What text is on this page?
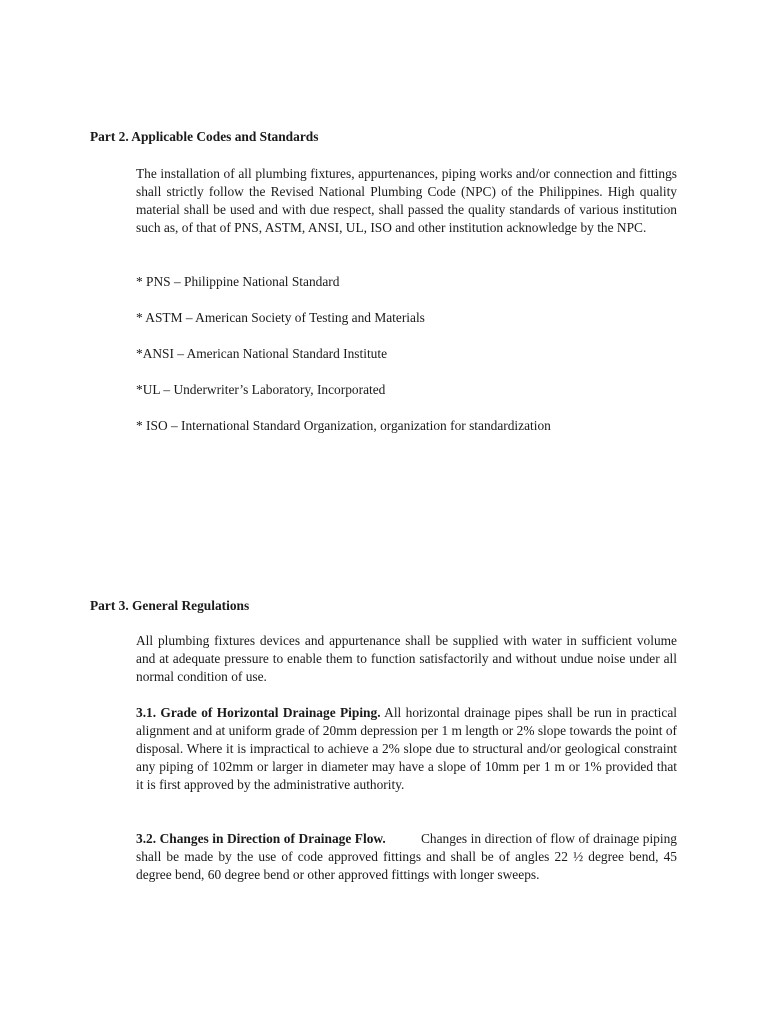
Part 2. Applicable Codes and Standards

The installation of all plumbing fixtures, appurtenances, piping works and/or connection and fittings shall strictly follow the Revised National Plumbing Code (NPC) of the Philippines. High quality material shall be used and with due respect, shall passed the quality standards of various institution such as, of that of PNS, ASTM, ANSI, UL, ISO and other institution acknowledge by the NPC.

* PNS – Philippine National Standard

* ASTM – American Society of Testing and Materials

*ANSI – American National Standard Institute

*UL – Underwriter’s Laboratory, Incorporated

* ISO – International Standard Organization, organization for standardization

Part 3. General Regulations

All plumbing fixtures devices and appurtenance shall be supplied with water in sufficient volume and at adequate pressure to enable them to function satisfactorily and without undue noise under all normal condition of use.

3.1. Grade of Horizontal Drainage Piping. All horizontal drainage pipes shall be run in practical alignment and at uniform grade of 20mm depression per 1 m length or 2% slope towards the point of disposal. Where it is impractical to achieve a 2% slope due to structural and/or geological constraint any piping of 102mm or larger in diameter may have a slope of 10mm per 1 m or 1% provided that it is first approved by the administrative authority.

3.2. Changes in Direction of Drainage Flow.          Changes in direction of flow of drainage piping shall be made by the use of code approved fittings and shall be of angles 22 ½ degree bend, 45 degree bend, 60 degree bend or other approved fittings with longer sweeps.
